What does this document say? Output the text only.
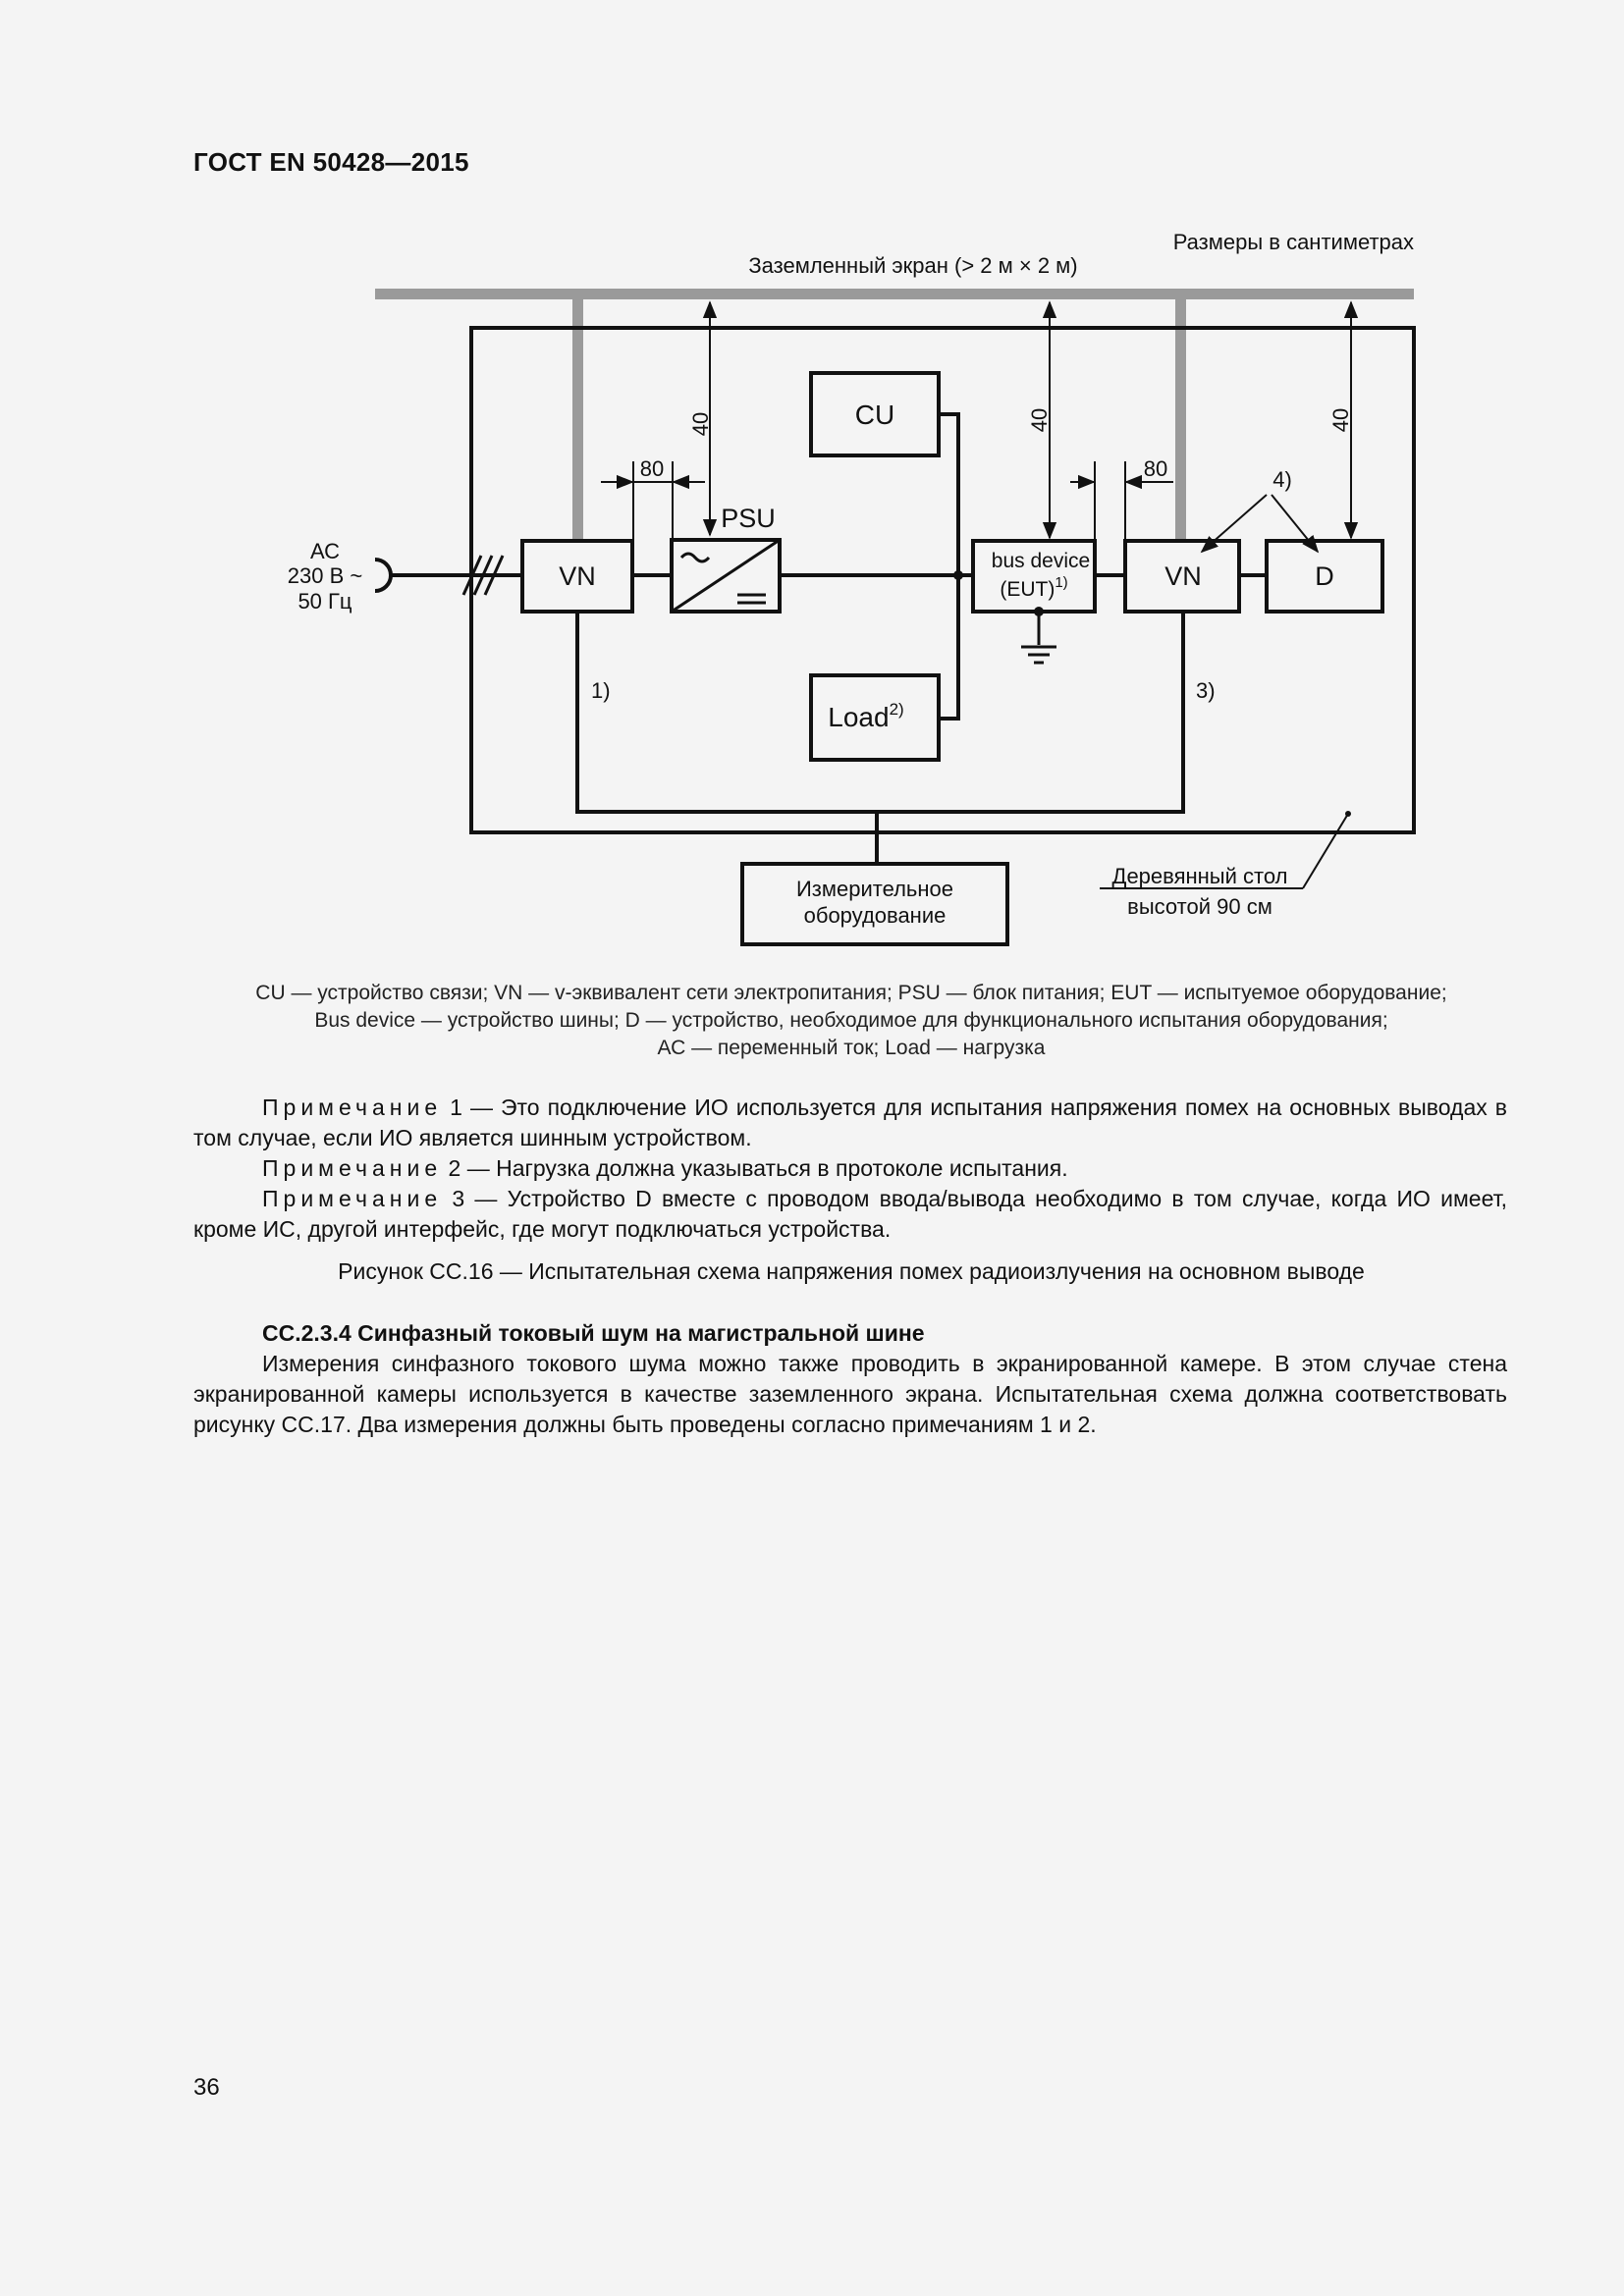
ГОСТ EN 50428—2015
Размеры в сантиметрах
Заземленный экран (> 2 м × 2 м)
40	40	40
80	80
АС
230 В ~
50 Гц
VN
PSU
CU
Load$^{2)}$
bus device
(EUT)$^{1)}$	VN	D
4)
1)	3)
Измерительное
оборудование
Деревянный стол
высотой 90 см
CU — устройство связи; VN — v-эквивалент сети электропитания; PSU — блок питания; EUT — испытуемое оборудование;
Bus device — устройство шины; D — устройство, необходимое для функционального испытания оборудования;
АС — переменный ток; Load — нагрузка

Примечание 1 — Это подключение ИО используется для испытания напряжения помех на основных выводах в том случае, если ИО является шинным устройством.

Примечание 2 — Нагрузка должна указываться в протоколе испытания.

Примечание 3 — Устройство D вместе с проводом ввода/вывода необходимо в том случае, когда ИО имеет, кроме ИС, другой интерфейс, где могут подключаться устройства.

Рисунок СС.16 — Испытательная схема напряжения помех радиоизлучения на основном выводе

СС.2.3.4 Синфазный токовый шум на магистральной шине

Измерения синфазного токового шума можно также проводить в экранированной камере. В этом случае стена экранированной камеры используется в качестве заземленного экрана. Испытательная схема должна соответствовать рисунку СС.17. Два измерения должны быть проведены согласно примечаниям 1 и 2.

36
